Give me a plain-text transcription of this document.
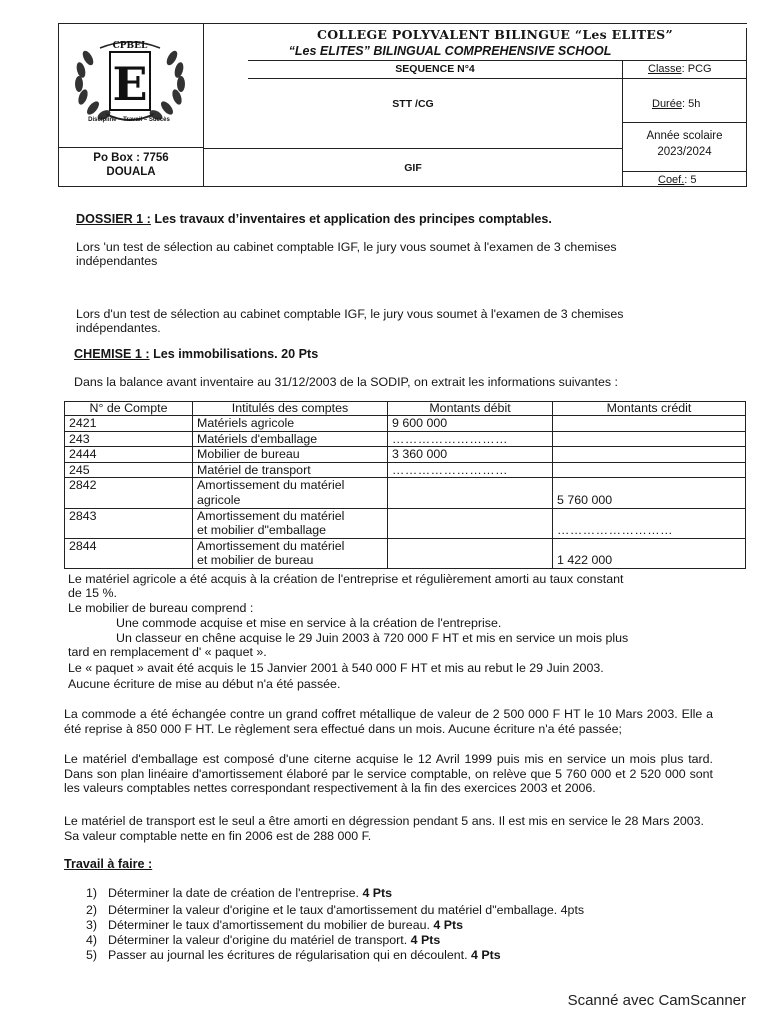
CPBEL
E
Discipline – Travail – Succès
COLLEGE POLYVALENT BILINGUE “Les ELITES”
“Les ELITES” BILINGUAL COMPREHENSIVE SCHOOL
SEQUENCE N°4	Classe: PCG
STT /CG	Durée: 5h
Année scolaire
2023/2024
Po Box : 7756
DOUALA	GIF
Coef.: 5
DOSSIER 1 : Les travaux d’inventaires et application des principes comptables.
Lors 'un test de sélection au cabinet comptable IGF, le jury vous soumet à l'examen de 3 chemises
indépendantes
Lors d'un test de sélection au cabinet comptable IGF, le jury vous soumet à l'examen de 3 chemises
indépendantes.
CHEMISE 1 : Les immobilisations. 20 Pts
Dans la balance avant inventaire au 31/12/2003 de la SODIP, on extrait les informations suivantes :
N° de Compte	Intitulés des comptes	Montants débit	Montants crédit
2421	Matériels agricole	9 600 000	
243	Matériels d'emballage	………………………	
2444	Mobilier de bureau	3 360 000	
245	Matériel de transport	………………………	
2842	Amortissement du matériel
agricole		5 760 000
2843	Amortissement du matériel
et mobilier d"emballage		………………………
2844	Amortissement du matériel
et mobilier de bureau		1 422 000
Le matériel agricole a été acquis à la création de l'entreprise et régulièrement amorti au taux constant
de 15 %.
Le mobilier de bureau comprend :
Une commode acquise et mise en service à la création de l'entreprise.
Un classeur en chêne acquise le 29 Juin 2003 à 720 000 F HT et mis en service un mois plus
tard en remplacement d' « paquet ».
Le « paquet » avait été acquis le 15 Janvier 2001 à 540 000 F HT et mis au rebut le 29 Juin 2003.
Aucune écriture de mise au début n'a été passée.
La commode a été échangée contre un grand coffret métallique de valeur de 2 500 000 F HT le 10 Mars 2003. Elle a été reprise à 850 000 F HT. Le règlement sera effectué dans un mois. Aucune écriture n'a été passée;
Le matériel d'emballage est composé d'une citerne acquise le 12 Avril 1999 puis mis en service un mois plus tard. Dans son plan linéaire d'amortissement élaboré par le service comptable, on relève que 5 760 000 et 2 520 000 sont les valeurs comptables nettes correspondant respectivement à la fin des exercices 2003 et 2006.
Le matériel de transport est le seul a être amorti en dégression pendant 5 ans. Il est mis en service le 28 Mars 2003. Sa valeur comptable nette en fin 2006 est de 288 000 F.
Travail à faire :
1) Déterminer la date de création de l'entreprise. 4 Pts
2) Déterminer la valeur d'origine et le taux d'amortissement du matériel d"emballage. 4pts
3) Déterminer le taux d'amortissement du mobilier de bureau. 4 Pts
4) Déterminer la valeur d'origine du matériel de transport. 4 Pts
5) Passer au journal les écritures de régularisation qui en découlent. 4 Pts
Scanné avec CamScanner
